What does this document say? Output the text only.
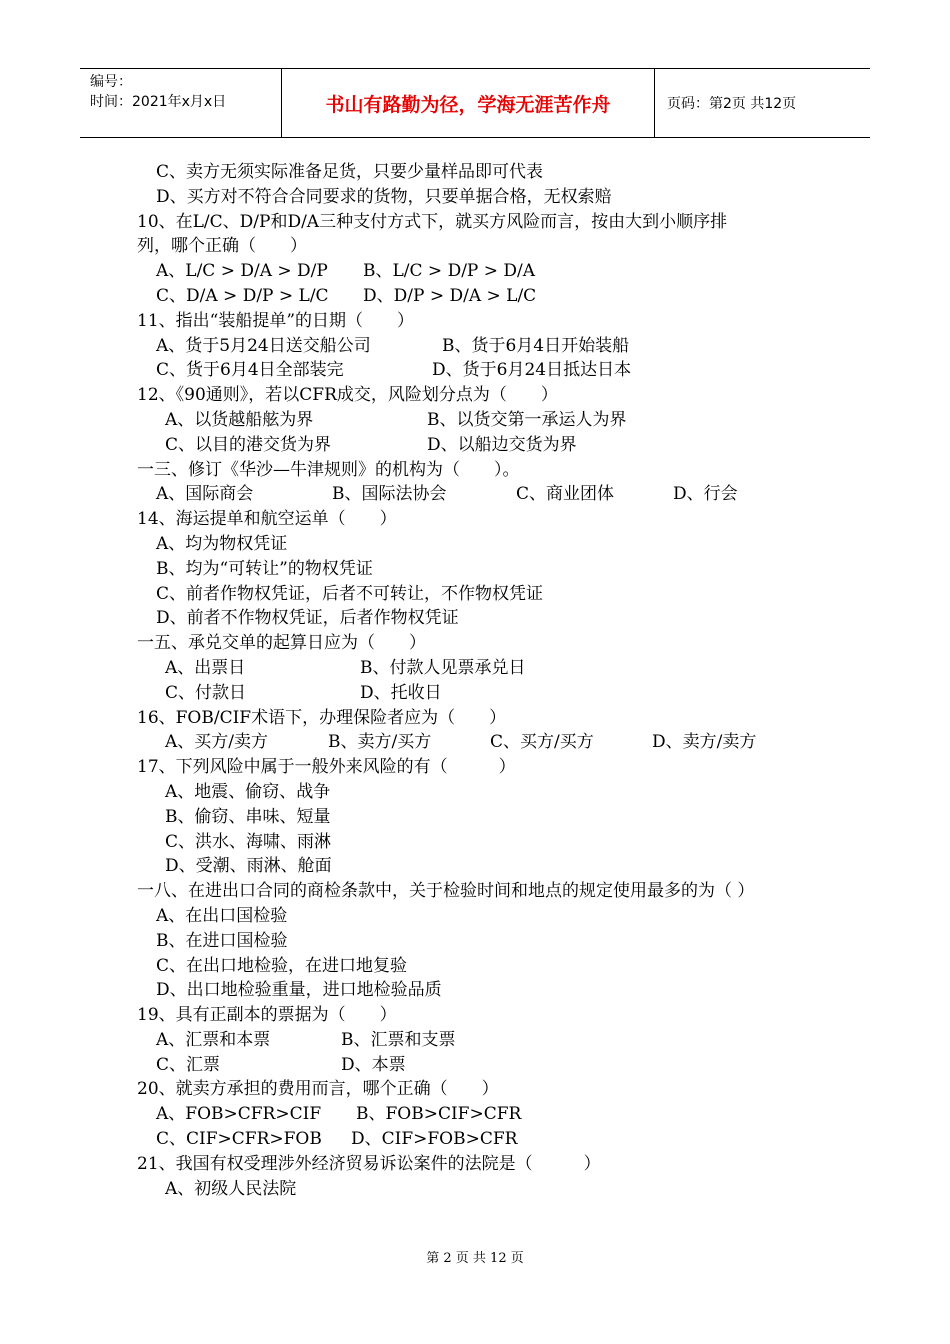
编号：
时间：2021年x月x日	书山有路勤为径，学海无涯苦作舟	页码：第2页 共12页
C、卖方无须实际准备足货，只要少量样品即可代表
D、买方对不符合合同要求的货物，只要单据合格，无权索赔
10、在L/C、D/P和D/A三种支付方式下，就买方风险而言，按由大到小顺序排
列，哪个正确（　　）
A、L/C > D/A > D/P	B、L/C > D/P > D/A
C、D/A > D/P > L/C	D、D/P > D/A > L/C
11、指出“装船提单”的日期（　　）
A、货于5月24日送交船公司	B、货于6月4日开始装船
C、货于6月4日全部装完	D、货于6月24日抵达日本
12、《90通则》，若以CFR成交，风险划分点为（　　）
A、以货越船舷为界	B、以货交第一承运人为界
C、以目的港交货为界	D、以船边交货为界
一三、修订《华沙—牛津规则》的机构为（　　）。
A、国际商会	B、国际法协会	C、商业团体	D、行会
14、海运提单和航空运单（　　）
A、均为物权凭证
B、均为“可转让”的物权凭证
C、前者作物权凭证，后者不可转让，不作物权凭证
D、前者不作物权凭证，后者作物权凭证
一五、承兑交单的起算日应为（　　）
A、出票日	B、付款人见票承兑日
C、付款日	D、托收日
16、FOB/CIF术语下，办理保险者应为（　　）
A、买方/卖方	B、卖方/买方	C、买方/买方	D、卖方/卖方
17、下列风险中属于一般外来风险的有（　　　）
A、地震、偷窃、战争
B、偷窃、串味、短量
C、洪水、海啸、雨淋
D、受潮、雨淋、舱面
一八、在进出口合同的商检条款中，关于检验时间和地点的规定使用最多的为（ ）
A、在出口国检验
B、在进口国检验
C、在出口地检验，在进口地复验
D、出口地检验重量，进口地检验品质
19、具有正副本的票据为（　　）
A、汇票和本票	B、汇票和支票
C、汇票	D、本票
20、就卖方承担的费用而言，哪个正确（　　）
A、FOB>CFR>CIF	B、FOB>CIF>CFR
C、CIF>CFR>FOB	D、CIF>FOB>CFR
21、我国有权受理涉外经济贸易诉讼案件的法院是（　　　）
A、初级人民法院
第 2 页 共 12 页
